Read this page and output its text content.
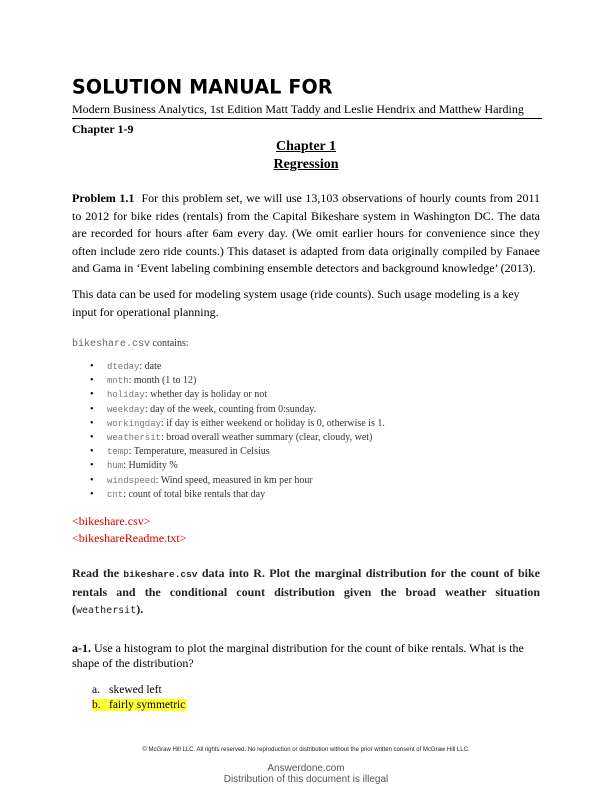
SOLUTION MANUAL FOR
Modern Business Analytics, 1st Edition Matt Taddy and Leslie Hendrix and Matthew Harding
Chapter 1-9
Chapter 1
Regression
Problem 1.1 For this problem set, we will use 13,103 observations of hourly counts from 2011 to 2012 for bike rides (rentals) from the Capital Bikeshare system in Washington DC. The data are recorded for hours after 6am every day. (We omit earlier hours for convenience since they often include zero ride counts.) This dataset is adapted from data originally compiled by Fanaee and Gama in ‘Event labeling combining ensemble detectors and background knowledge’ (2013).
This data can be used for modeling system usage (ride counts). Such usage modeling is a key input for operational planning.
bikeshare.csv contains:
• dteday: date
• mnth: month (1 to 12)
• holiday: whether day is holiday or not
• weekday: day of the week, counting from 0:sunday.
• workingday: if day is either weekend or holiday is 0, otherwise is 1.
• weathersit: broad overall weather summary (clear, cloudy, wet)
• temp: Temperature, measured in Celsius
• hum: Humidity %
• windspeed: Wind speed, measured in km per hour
• cnt: count of total bike rentals that day
<bikeshare.csv>
<bikeshareReadme.txt>
Read the bikeshare.csv data into R. Plot the marginal distribution for the count of bike rentals and the conditional count distribution given the broad weather situation (weathersit).
a-1. Use a histogram to plot the marginal distribution for the count of bike rentals. What is the shape of the distribution?
a. skewed left
b. fairly symmetric
© McGraw Hill LLC. All rights reserved. No reproduction or distribution without the prior written consent of McGraw Hill LLC.
Answerdone.com
Distribution of this document is illegal
